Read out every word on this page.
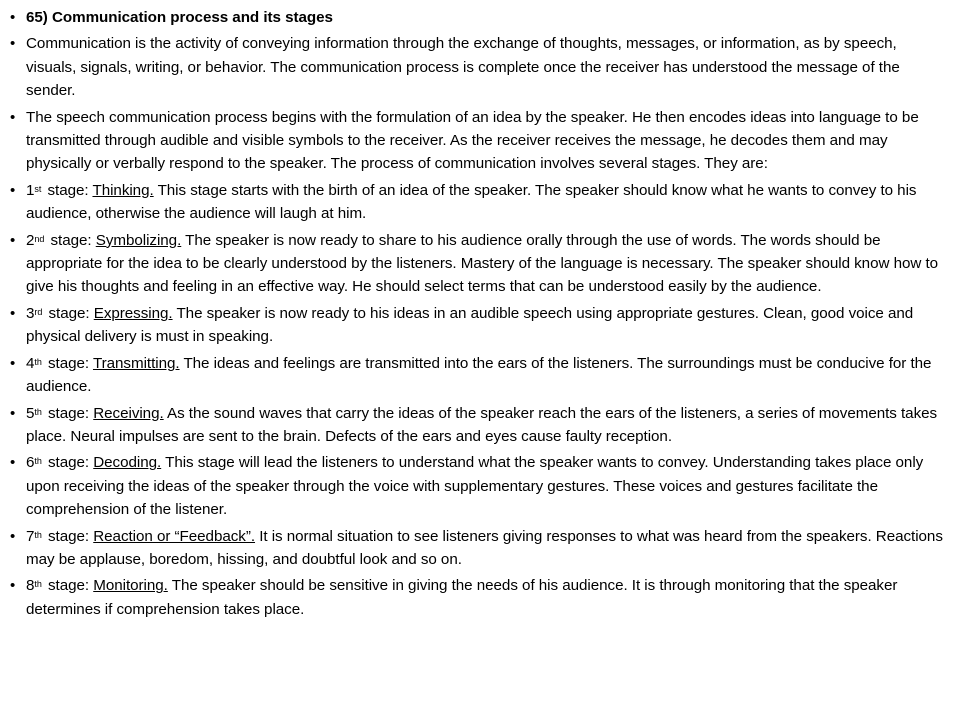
• 65) Communication process and its stages
• Communication is the activity of conveying information through the exchange of thoughts, messages, or information, as by speech, visuals, signals, writing, or behavior. The communication process is complete once the receiver has understood the message of the sender.
• The speech communication process begins with the formulation of an idea by the speaker. He then encodes ideas into language to be transmitted through audible and visible symbols to the receiver. As the receiver receives the message, he decodes them and may physically or verbally respond to the speaker. The process of communication involves several stages. They are:
• 1st stage: Thinking. This stage starts with the birth of an idea of the speaker. The speaker should know what he wants to convey to his audience, otherwise the audience will laugh at him.
• 2nd stage: Symbolizing. The speaker is now ready to share to his audience orally through the use of words. The words should be appropriate for the idea to be clearly understood by the listeners. Mastery of the language is necessary. The speaker should know how to give his thoughts and feeling in an effective way. He should select terms that can be understood easily by the audience.
• 3rd stage: Expressing. The speaker is now ready to his ideas in an audible speech using appropriate gestures. Clean, good voice and physical delivery is must in speaking.
• 4th stage: Transmitting. The ideas and feelings are transmitted into the ears of the listeners. The surroundings must be conducive for the audience.
• 5th stage: Receiving. As the sound waves that carry the ideas of the speaker reach the ears of the listeners, a series of movements takes place. Neural impulses are sent to the brain. Defects of the ears and eyes cause faulty reception.
• 6th stage: Decoding. This stage will lead the listeners to understand what the speaker wants to convey. Understanding takes place only upon receiving the ideas of the speaker through the voice with supplementary gestures. These voices and gestures facilitate the comprehension of the listener.
• 7th stage: Reaction or “Feedback”. It is normal situation to see listeners giving responses to what was heard from the speakers. Reactions may be applause, boredom, hissing, and doubtful look and so on.
• 8th stage: Monitoring. The speaker should be sensitive in giving the needs of his audience. It is through monitoring that the speaker determines if comprehension takes place.
